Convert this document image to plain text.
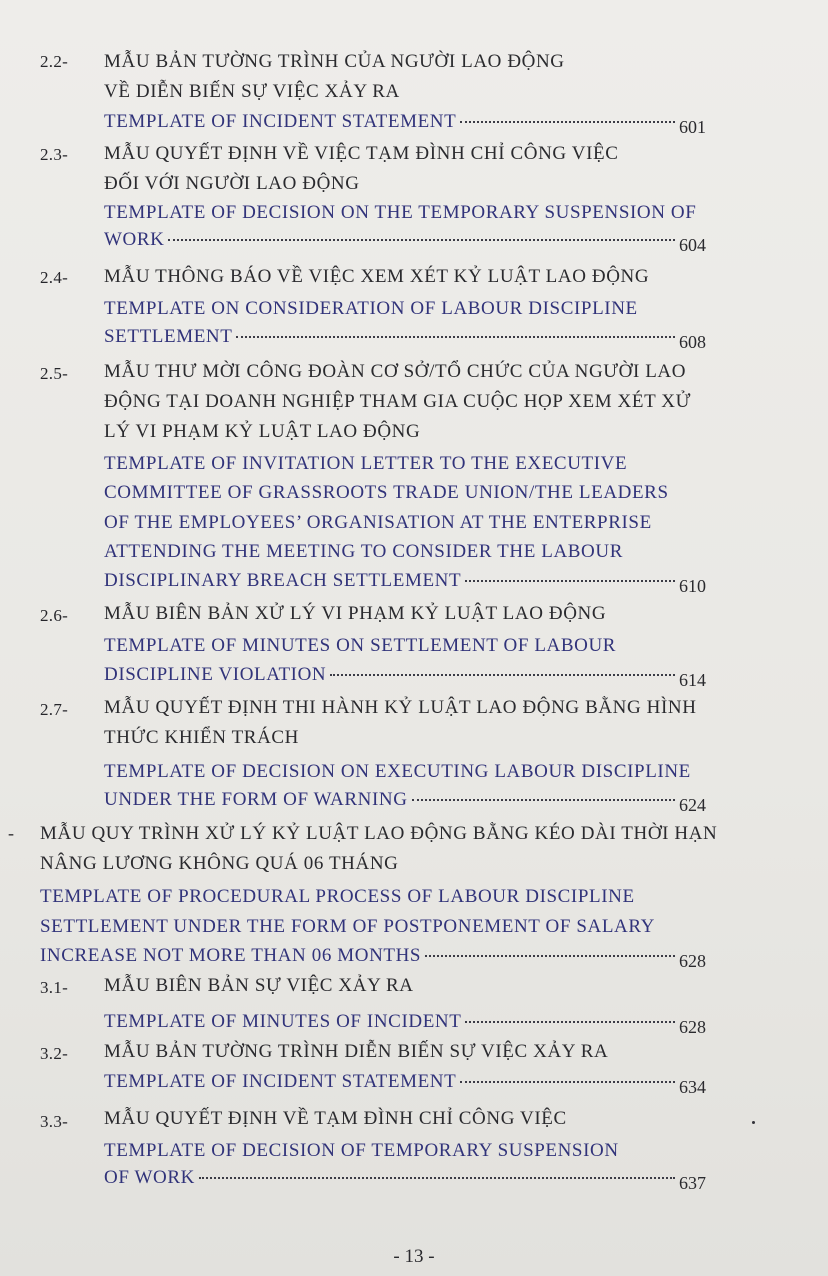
2.2- MẪU BẢN TƯỜNG TRÌNH CỦA NGƯỜI LAO ĐỘNG
VỀ DIỄN BIẾN SỰ VIỆC XẢY RA
TEMPLATE OF INCIDENT STATEMENT	601
2.3- MẪU QUYẾT ĐỊNH VỀ VIỆC TẠM ĐÌNH CHỈ CÔNG VIỆC
ĐỐI VỚI NGƯỜI LAO ĐỘNG
TEMPLATE OF DECISION ON THE TEMPORARY SUSPENSION OF
WORK	604
2.4- MẪU THÔNG BÁO VỀ VIỆC XEM XÉT KỶ LUẬT LAO ĐỘNG
TEMPLATE ON CONSIDERATION OF LABOUR DISCIPLINE
SETTLEMENT	608
2.5- MẪU THƯ MỜI CÔNG ĐOÀN CƠ SỞ/TỔ CHỨC CỦA NGƯỜI LAO
ĐỘNG TẠI DOANH NGHIỆP THAM GIA CUỘC HỌP XEM XÉT XỬ
LÝ VI PHẠM KỶ LUẬT LAO ĐỘNG
TEMPLATE OF INVITATION LETTER TO THE EXECUTIVE
COMMITTEE OF GRASSROOTS TRADE UNION/THE LEADERS
OF THE EMPLOYEES’ ORGANISATION AT THE ENTERPRISE
ATTENDING THE MEETING TO CONSIDER THE LABOUR
DISCIPLINARY BREACH SETTLEMENT	610
2.6- MẪU BIÊN BẢN XỬ LÝ VI PHẠM KỶ LUẬT LAO ĐỘNG
TEMPLATE OF MINUTES ON SETTLEMENT OF LABOUR
DISCIPLINE VIOLATION	614
2.7- MẪU QUYẾT ĐỊNH THI HÀNH KỶ LUẬT LAO ĐỘNG BẰNG HÌNH
THỨC KHIỂN TRÁCH
TEMPLATE OF DECISION ON EXECUTING LABOUR DISCIPLINE
UNDER THE FORM OF WARNING	624
- MẪU QUY TRÌNH XỬ LÝ KỶ LUẬT LAO ĐỘNG BẰNG KÉO DÀI THỜI HẠN
NÂNG LƯƠNG KHÔNG QUÁ 06 THÁNG
TEMPLATE OF PROCEDURAL PROCESS OF LABOUR DISCIPLINE
SETTLEMENT UNDER THE FORM OF POSTPONEMENT OF SALARY
INCREASE NOT MORE THAN 06 MONTHS	628
3.1- MẪU BIÊN BẢN SỰ VIỆC XẢY RA
TEMPLATE OF MINUTES OF INCIDENT	628
3.2- MẪU BẢN TƯỜNG TRÌNH DIỄN BIẾN SỰ VIỆC XẢY RA
TEMPLATE OF INCIDENT STATEMENT	634
3.3- MẪU QUYẾT ĐỊNH VỀ TẠM ĐÌNH CHỈ CÔNG VIỆC
TEMPLATE OF DECISION OF TEMPORARY SUSPENSION
OF WORK	637
- 13 -
